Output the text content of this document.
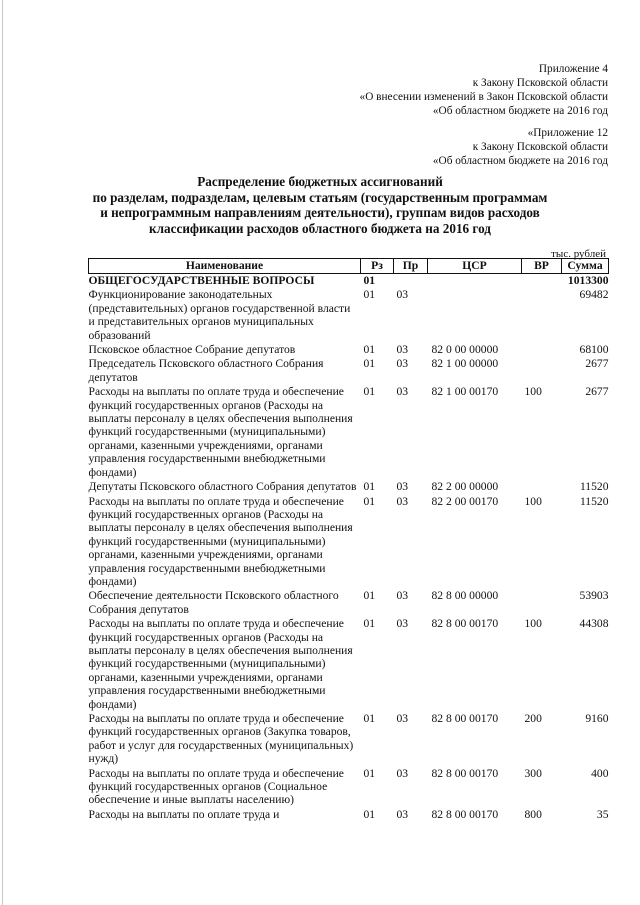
Приложение 4
к Закону Псковской области
«О внесении изменений в Закон Псковской области
«Об областном бюджете на 2016 год
«Приложение 12
к Закону Псковской области
«Об областном бюджете на 2016 год
Распределение бюджетных ассигнований
по разделам, подразделам, целевым статьям (государственным программам
и непрограммным направлениям деятельности), группам видов расходов
классификации расходов областного бюджета на 2016 год
тыс. рублей
Наименование	Рз	Пр	ЦСР	ВР	Сумма
ОБЩЕГОСУДАРСТВЕННЫЕ ВОПРОСЫ	01				1013300
Функционирование законодательных (представительных) органов государственной власти и представительных органов муниципальных образований	01	03			69482
Псковское областное Собрание депутатов	01	03	82 0 00 00000		68100
Председатель Псковского областного Собрания депутатов	01	03	82 1 00 00000		2677
Расходы на выплаты по оплате труда и обеспечение функций государственных органов (Расходы на выплаты персоналу в целях обеспечения выполнения функций государственными (муниципальными) органами, казенными учреждениями, органами управления государственными внебюджетными фондами)	01	03	82 1 00 00170	100	2677
Депутаты Псковского областного Собрания депутатов	01	03	82 2 00 00000		11520
Расходы на выплаты по оплате труда и обеспечение функций государственных органов (Расходы на выплаты персоналу в целях обеспечения выполнения функций государственными (муниципальными) органами, казенными учреждениями, органами управления государственными внебюджетными фондами)	01	03	82 2 00 00170	100	11520
Обеспечение деятельности Псковского областного Собрания депутатов	01	03	82 8 00 00000		53903
Расходы на выплаты по оплате труда и обеспечение функций государственных органов (Расходы на выплаты персоналу в целях обеспечения выполнения функций государственными (муниципальными) органами, казенными учреждениями, органами управления государственными внебюджетными фондами)	01	03	82 8 00 00170	100	44308
Расходы на выплаты по оплате труда и обеспечение функций государственных органов (Закупка товаров, работ и услуг для государственных (муниципальных) нужд)	01	03	82 8 00 00170	200	9160
Расходы на выплаты по оплате труда и обеспечение функций государственных органов (Социальное обеспечение и иные выплаты населению)	01	03	82 8 00 00170	300	400
Расходы на выплаты по оплате труда и	01	03	82 8 00 00170	800	35
